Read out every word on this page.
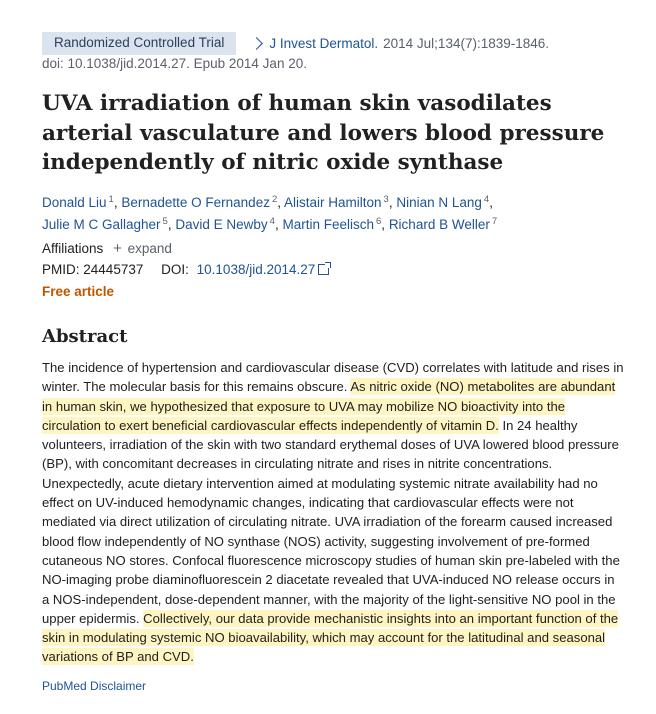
Randomized Controlled Trial	J Invest Dermatol. 2014 Jul;134(7):1839-1846.
doi: 10.1038/jid.2014.27. Epub 2014 Jan 20.
UVA irradiation of human skin vasodilates arterial vasculature and lowers blood pressure independently of nitric oxide synthase
Donald Liu $^1$, Bernadette O Fernandez $^2$, Alistair Hamilton $^3$, Ninian N Lang $^4$,
Julie M C Gallagher $^5$, David E Newby $^4$, Martin Feelisch $^6$, Richard B Weller $^7$
Affiliations + expand
PMID: 24445737 DOI: 10.1038/jid.2014.27
Free article
Abstract

The incidence of hypertension and cardiovascular disease (CVD) correlates with latitude and rises in winter. The molecular basis for this remains obscure. As nitric oxide (NO) metabolites are abundant in human skin, we hypothesized that exposure to UVA may mobilize NO bioactivity into the circulation to exert beneficial cardiovascular effects independently of vitamin D. In 24 healthy volunteers, irradiation of the skin with two standard erythemal doses of UVA lowered blood pressure (BP), with concomitant decreases in circulating nitrate and rises in nitrite concentrations. Unexpectedly, acute dietary intervention aimed at modulating systemic nitrate availability had no effect on UV-induced hemodynamic changes, indicating that cardiovascular effects were not mediated via direct utilization of circulating nitrate. UVA irradiation of the forearm caused increased blood flow independently of NO synthase (NOS) activity, suggesting involvement of pre-formed cutaneous NO stores. Confocal fluorescence microscopy studies of human skin pre-labeled with the NO-imaging probe diaminofluorescein 2 diacetate revealed that UVA-induced NO release occurs in a NOS-independent, dose-dependent manner, with the majority of the light-sensitive NO pool in the upper epidermis. Collectively, our data provide mechanistic insights into an important function of the skin in modulating systemic NO bioavailability, which may account for the latitudinal and seasonal variations of BP and CVD.

PubMed Disclaimer
